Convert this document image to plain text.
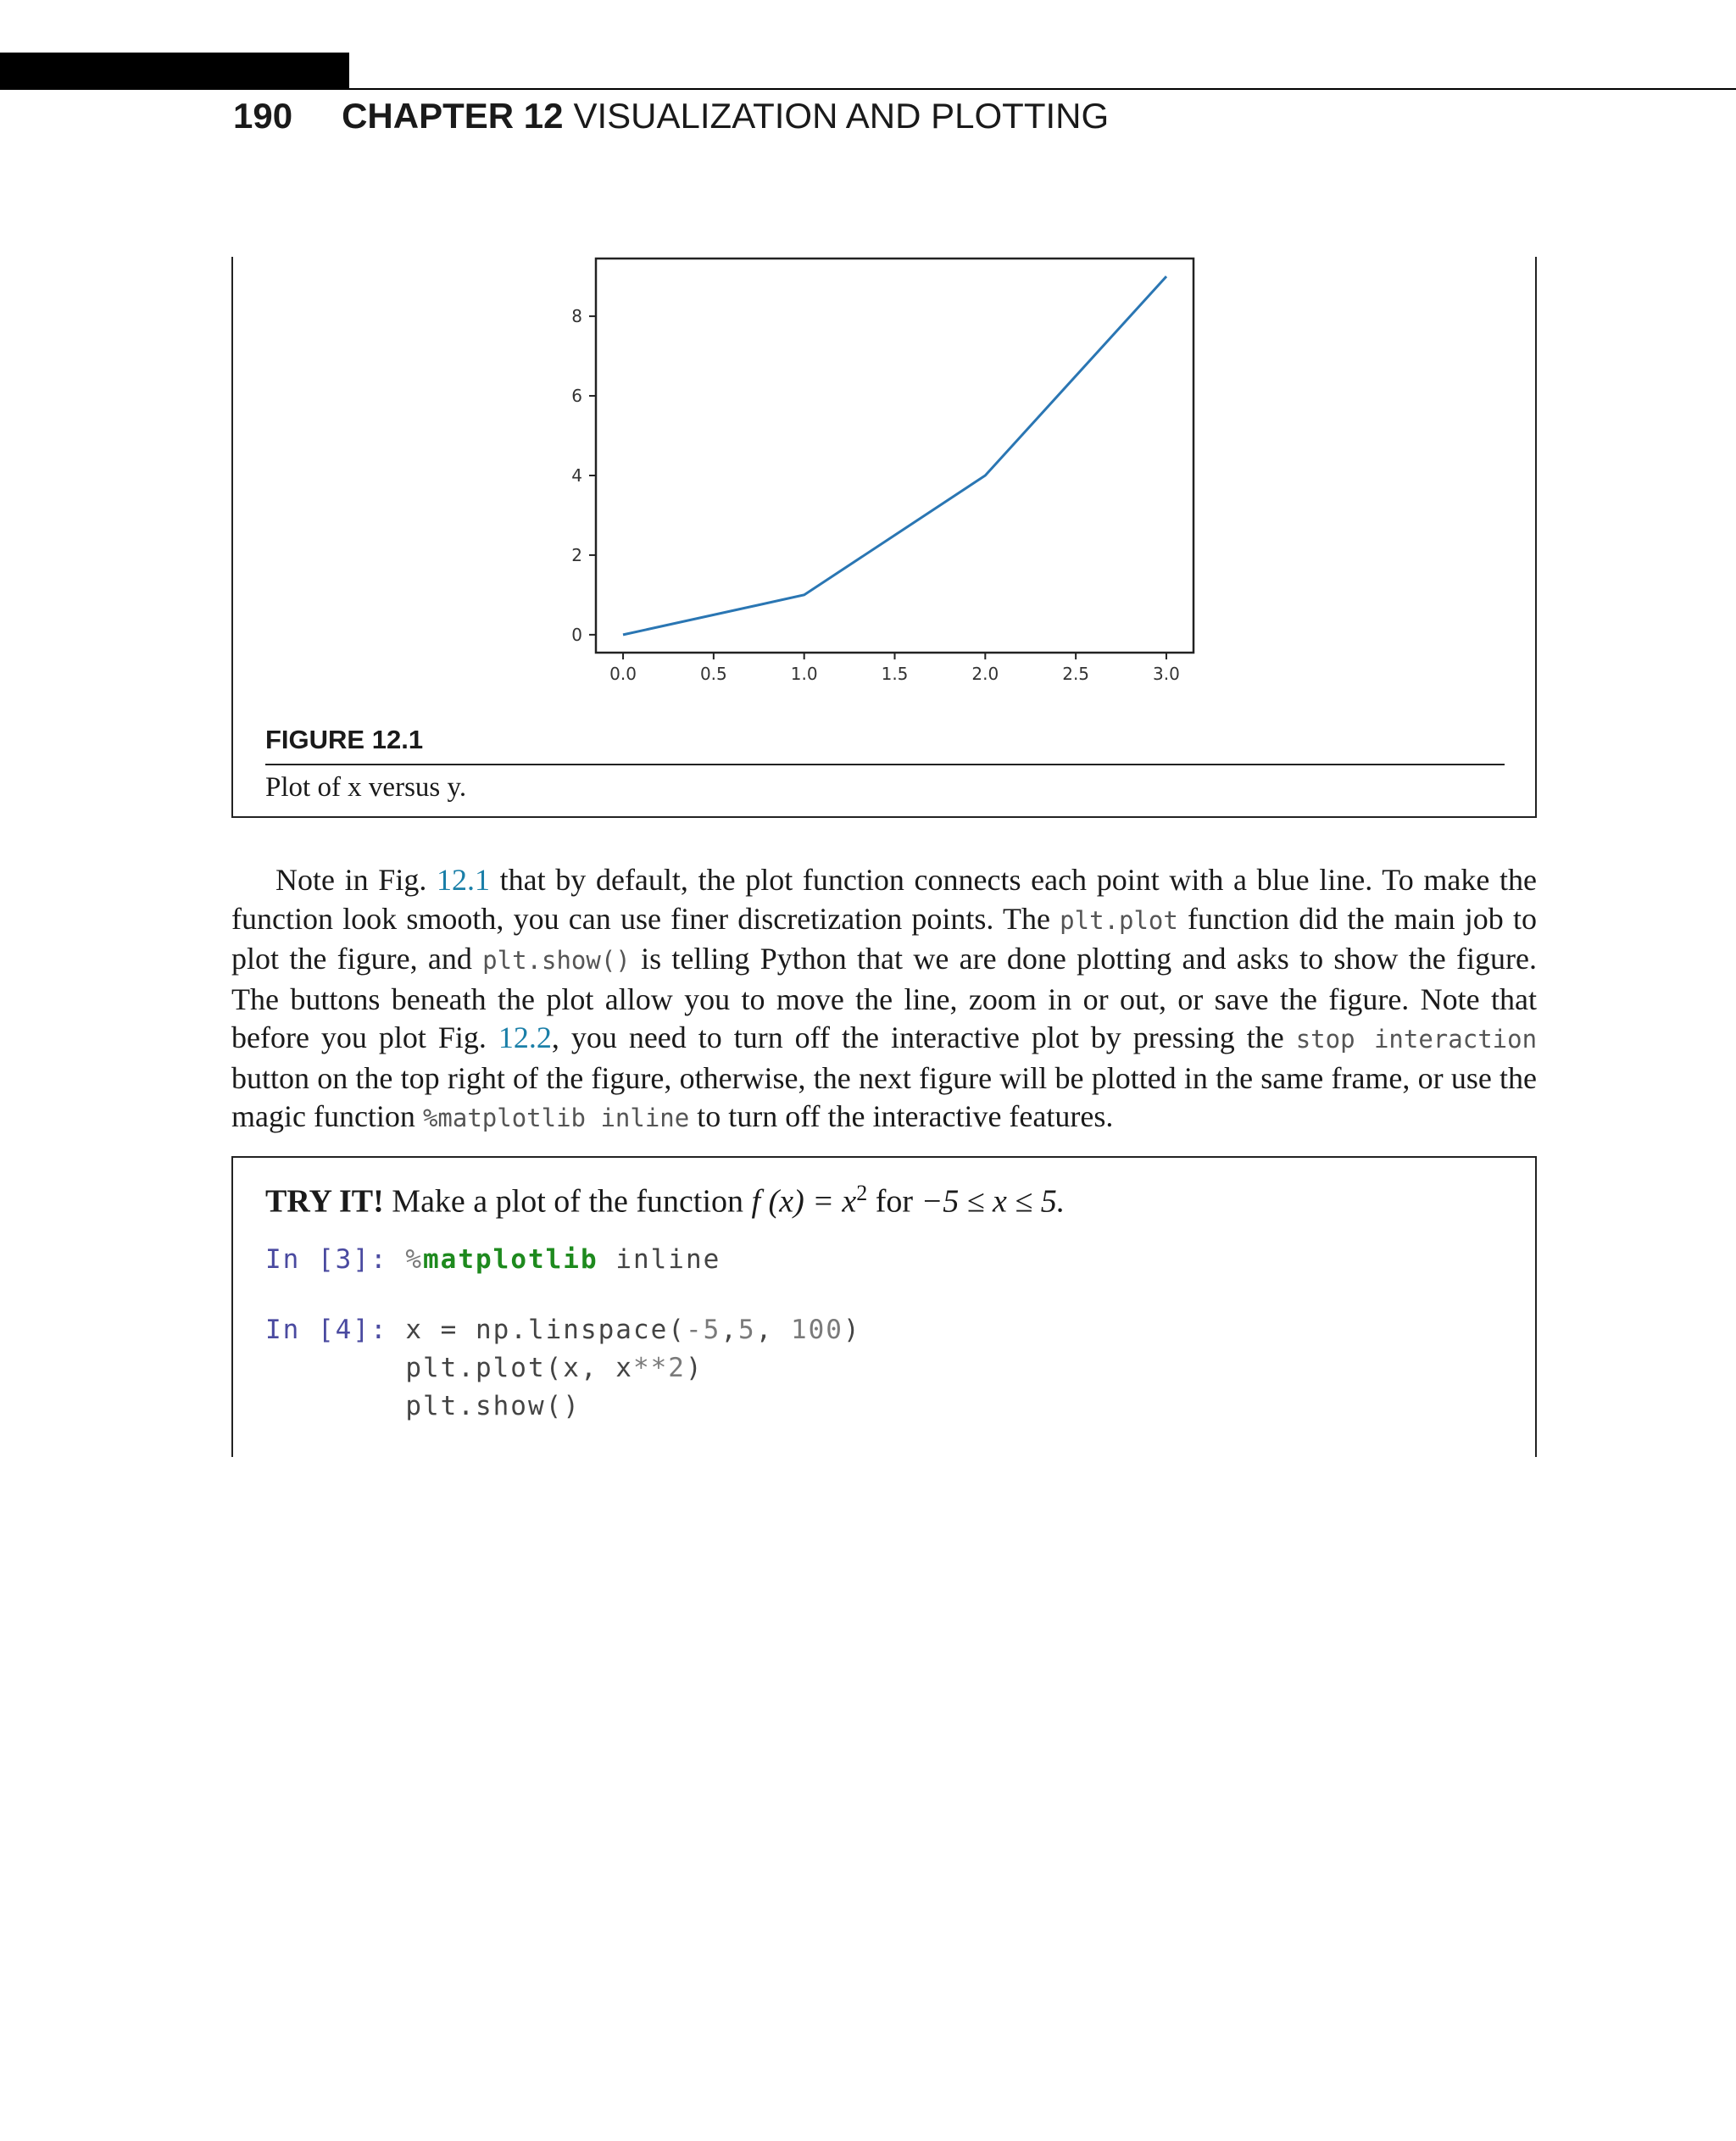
190 CHAPTER 12 VISUALIZATION AND PLOTTING
0
2
4
6
8
0.0	0.5	1.0	1.5	2.0	2.5	3.0
FIGURE 12.1
Plot of x versus y.
Note in Fig. 12.1 that by default, the plot function connects each point with a blue line. To make the function look smooth, you can use finer discretization points. The plt.plot function did the main job to plot the figure, and plt.show() is telling Python that we are done plotting and asks to show the figure. The buttons beneath the plot allow you to move the line, zoom in or out, or save the figure. Note that before you plot Fig. 12.2, you need to turn off the interactive plot by pressing the stop interaction button on the top right of the figure, otherwise, the next figure will be plotted in the same frame, or use the magic function %matplotlib inline to turn off the interactive features.
TRY IT! Make a plot of the function f $(x) = x^2$ for −5 ≤ x ≤ 5.
In [3]: %matplotlib inline
In [4]: x = np.linspace(-5,5, 100)
plt.plot(x, x**2)
plt.show()
